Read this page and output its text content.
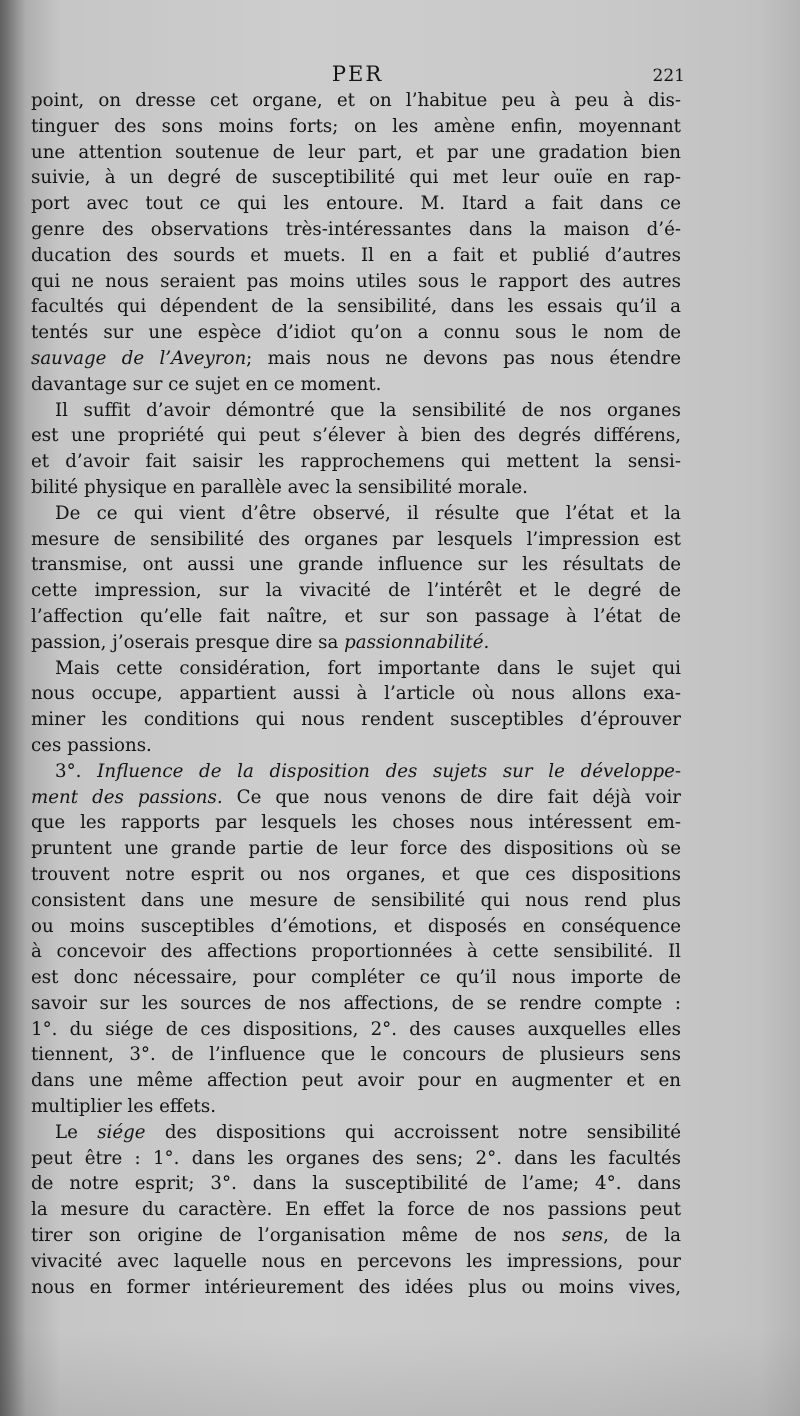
PER	221
point, on dresse cet organe, et on l’habitue peu à peu à dis-
tinguer des sons moins forts; on les amène enfin, moyennant
une attention soutenue de leur part, et par une gradation bien
suivie, à un degré de susceptibilité qui met leur ouïe en rap-
port avec tout ce qui les entoure. M. Itard a fait dans ce
genre des observations très-intéressantes dans la maison d’é-
ducation des sourds et muets. Il en a fait et publié d’autres
qui ne nous seraient pas moins utiles sous le rapport des autres
facultés qui dépendent de la sensibilité, dans les essais qu’il a
tentés sur une espèce d’idiot qu’on a connu sous le nom de
sauvage de l’Aveyron; mais nous ne devons pas nous étendre
davantage sur ce sujet en ce moment.
Il suffit d’avoir démontré que la sensibilité de nos organes
est une propriété qui peut s’élever à bien des degrés différens,
et d’avoir fait saisir les rapprochemens qui mettent la sensi-
bilité physique en parallèle avec la sensibilité morale.
De ce qui vient d’être observé, il résulte que l’état et la
mesure de sensibilité des organes par lesquels l’impression est
transmise, ont aussi une grande influence sur les résultats de
cette impression, sur la vivacité de l’intérêt et le degré de
l’affection qu’elle fait naître, et sur son passage à l’état de
passion, j’oserais presque dire sa passionnabilité.
Mais cette considération, fort importante dans le sujet qui
nous occupe, appartient aussi à l’article où nous allons exa-
miner les conditions qui nous rendent susceptibles d’éprouver
ces passions.
3°. Influence de la disposition des sujets sur le développe-
ment des passions. Ce que nous venons de dire fait déjà voir
que les rapports par lesquels les choses nous intéressent em-
pruntent une grande partie de leur force des dispositions où se
trouvent notre esprit ou nos organes, et que ces dispositions
consistent dans une mesure de sensibilité qui nous rend plus
ou moins susceptibles d’émotions, et disposés en conséquence
à concevoir des affections proportionnées à cette sensibilité. Il
est donc nécessaire, pour compléter ce qu’il nous importe de
savoir sur les sources de nos affections, de se rendre compte :
1°. du siége de ces dispositions, 2°. des causes auxquelles elles
tiennent, 3°. de l’influence que le concours de plusieurs sens
dans une même affection peut avoir pour en augmenter et en
multiplier les effets.
Le siége des dispositions qui accroissent notre sensibilité
peut être : 1°. dans les organes des sens; 2°. dans les facultés
de notre esprit; 3°. dans la susceptibilité de l’ame; 4°. dans
la mesure du caractère. En effet la force de nos passions peut
tirer son origine de l’organisation même de nos sens, de la
vivacité avec laquelle nous en percevons les impressions, pour
nous en former intérieurement des idées plus ou moins vives,
